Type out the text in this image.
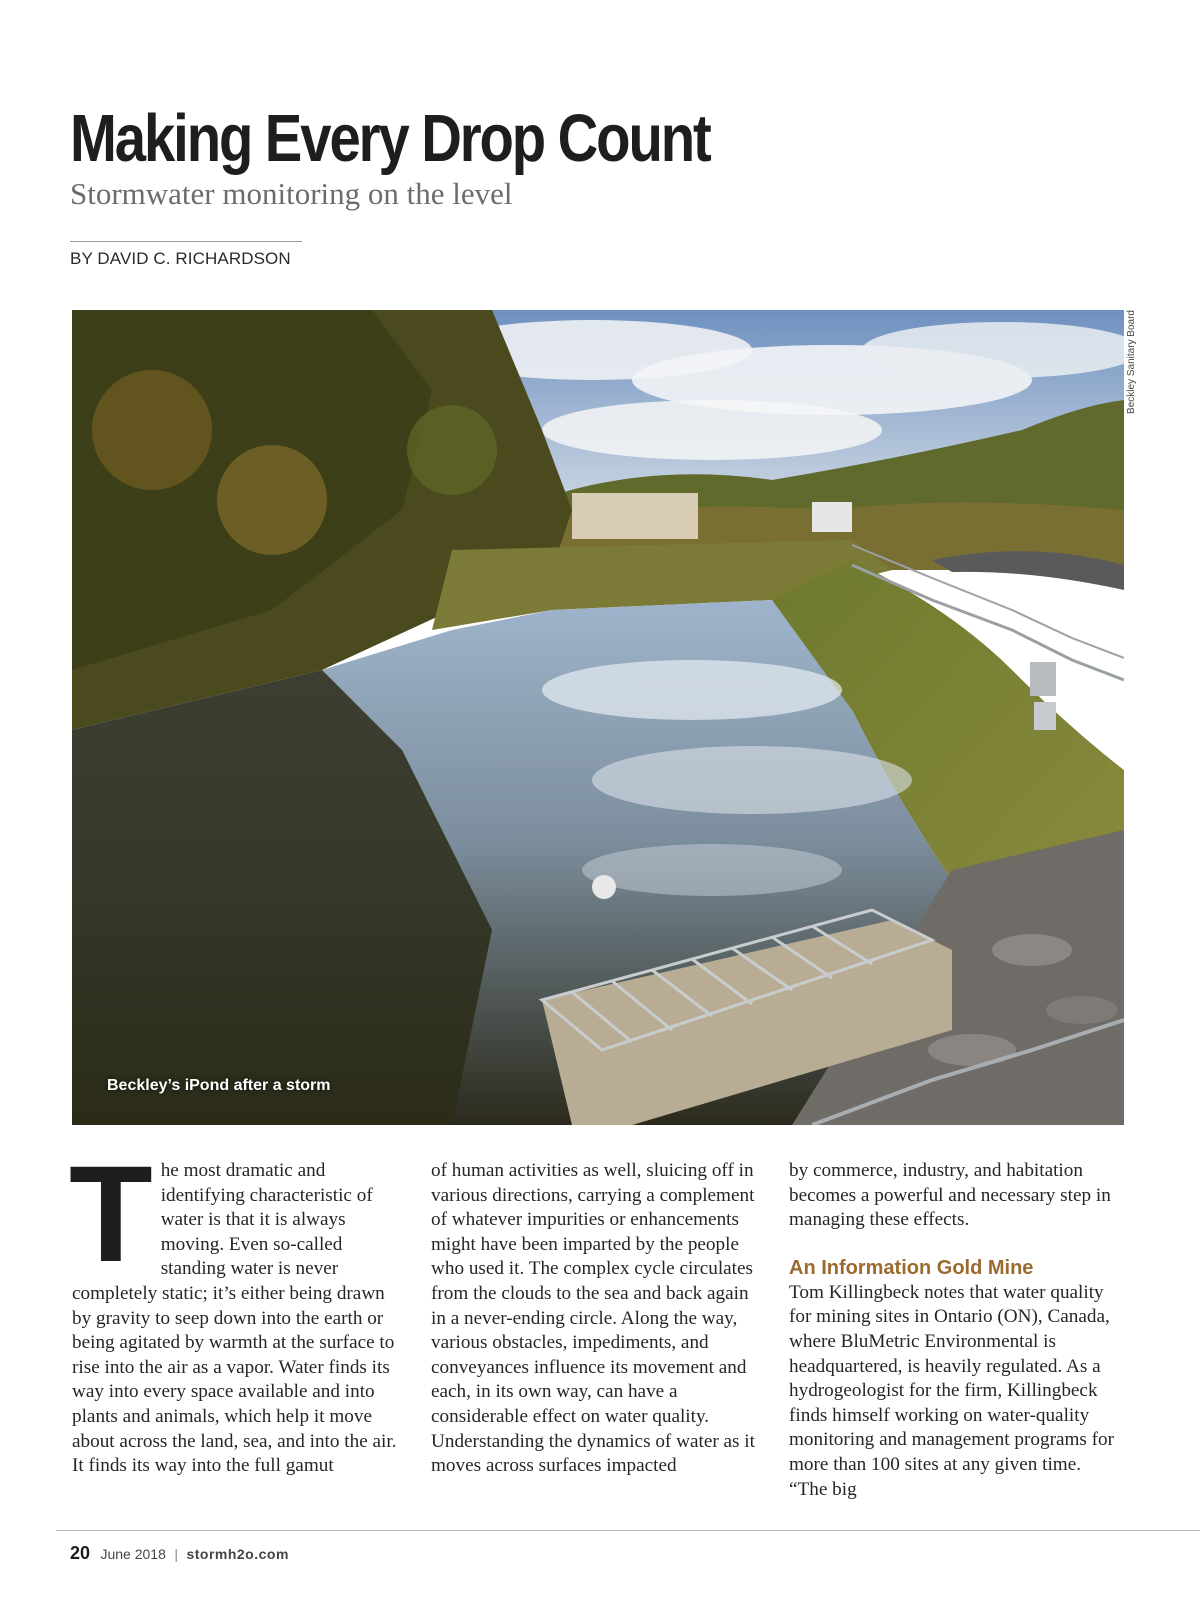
Making Every Drop Count
Stormwater monitoring on the level
BY DAVID C. RICHARDSON
Beckley Sanitary Board
Beckley’s iPond after a storm

The most dramatic and identifying characteristic of water is that it is always moving. Even so-called standing water is never completely static; it’s either being drawn by gravity to seep down into the earth or being agitated by warmth at the surface to rise into the air as a vapor. Water finds its way into every space available and into plants and animals, which help it move about across the land, sea, and into the air. It finds its way into the full gamut

of human activities as well, sluicing off in various directions, carrying a complement of whatever impurities or enhancements might have been imparted by the people who used it. The complex cycle circulates from the clouds to the sea and back again in a never-ending circle. Along the way, various obstacles, impediments, and conveyances influence its movement and each, in its own way, can have a considerable effect on water quality. Understanding the dynamics of water as it moves across surfaces impacted

by commerce, industry, and habitation becomes a powerful and necessary step in managing these effects.

An Information Gold Mine

Tom Killingbeck notes that water quality for mining sites in Ontario (ON), Canada, where BluMetric Environmental is headquartered, is heavily regulated. As a hydrogeologist for the firm, Killingbeck finds himself working on water-quality monitoring and management programs for more than 100 sites at any given time. “The big

20 June 2018 | stormh2o.com
